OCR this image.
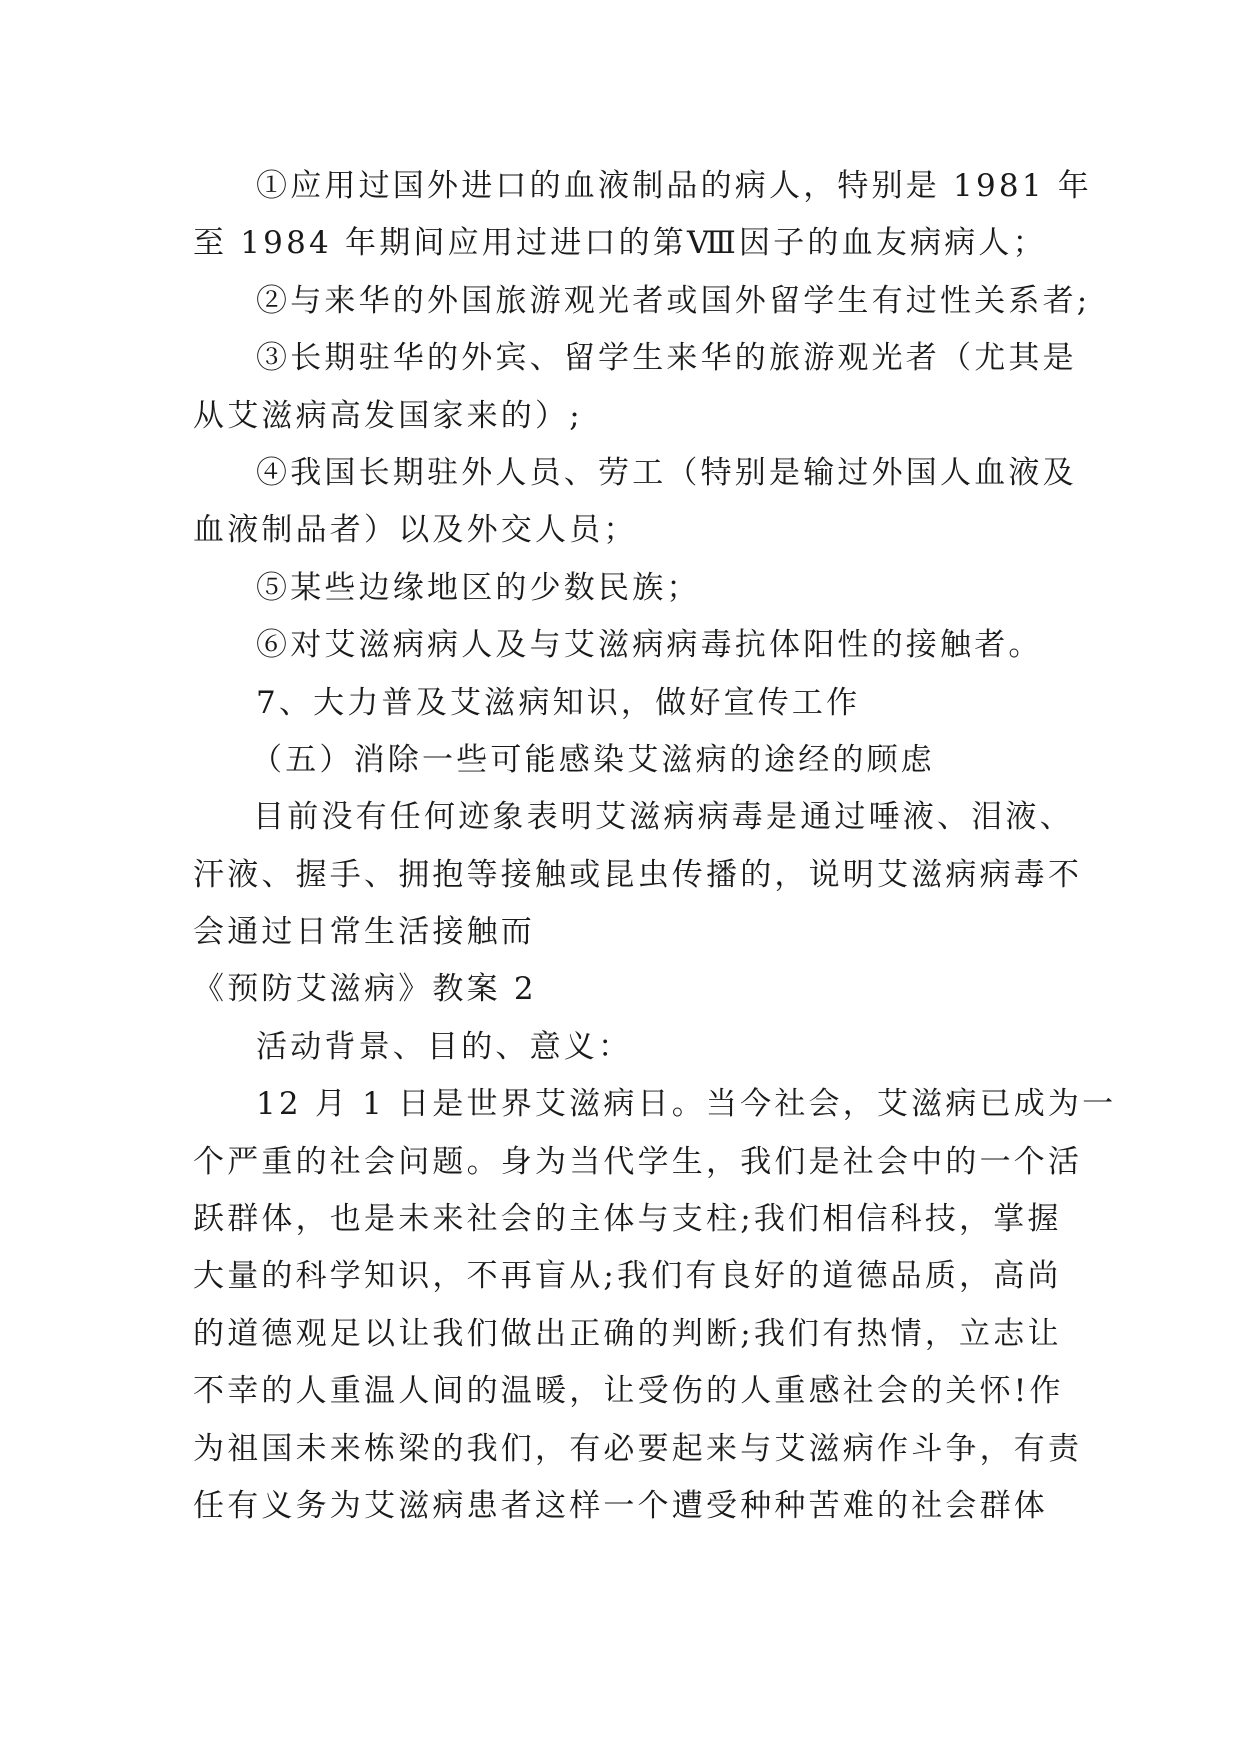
①应用过国外进口的血液制品的病人，特别是 1981 年
至 1984 年期间应用过进口的第Ⅷ因子的血友病病人；
②与来华的外国旅游观光者或国外留学生有过性关系者;
③长期驻华的外宾、留学生来华的旅游观光者（尤其是
从艾滋病高发国家来的）;
④我国长期驻外人员、劳工（特别是输过外国人血液及
血液制品者）以及外交人员；
⑤某些边缘地区的少数民族；
⑥对艾滋病病人及与艾滋病病毒抗体阳性的接触者。
7、大力普及艾滋病知识，做好宣传工作
（五）消除一些可能感染艾滋病的途经的顾虑
目前没有任何迹象表明艾滋病病毒是通过唾液、泪液、
汗液、握手、拥抱等接触或昆虫传播的，说明艾滋病病毒不
会通过日常生活接触而
《预防艾滋病》教案 2
活动背景、目的、意义：
12 月 1 日是世界艾滋病日。当今社会，艾滋病已成为一
个严重的社会问题。身为当代学生，我们是社会中的一个活
跃群体，也是未来社会的主体与支柱;我们相信科技，掌握
大量的科学知识，不再盲从;我们有良好的道德品质，高尚
的道德观足以让我们做出正确的判断;我们有热情，立志让
不幸的人重温人间的温暖，让受伤的人重感社会的关怀!作
为祖国未来栋梁的我们，有必要起来与艾滋病作斗争，有责
任有义务为艾滋病患者这样一个遭受种种苦难的社会群体
